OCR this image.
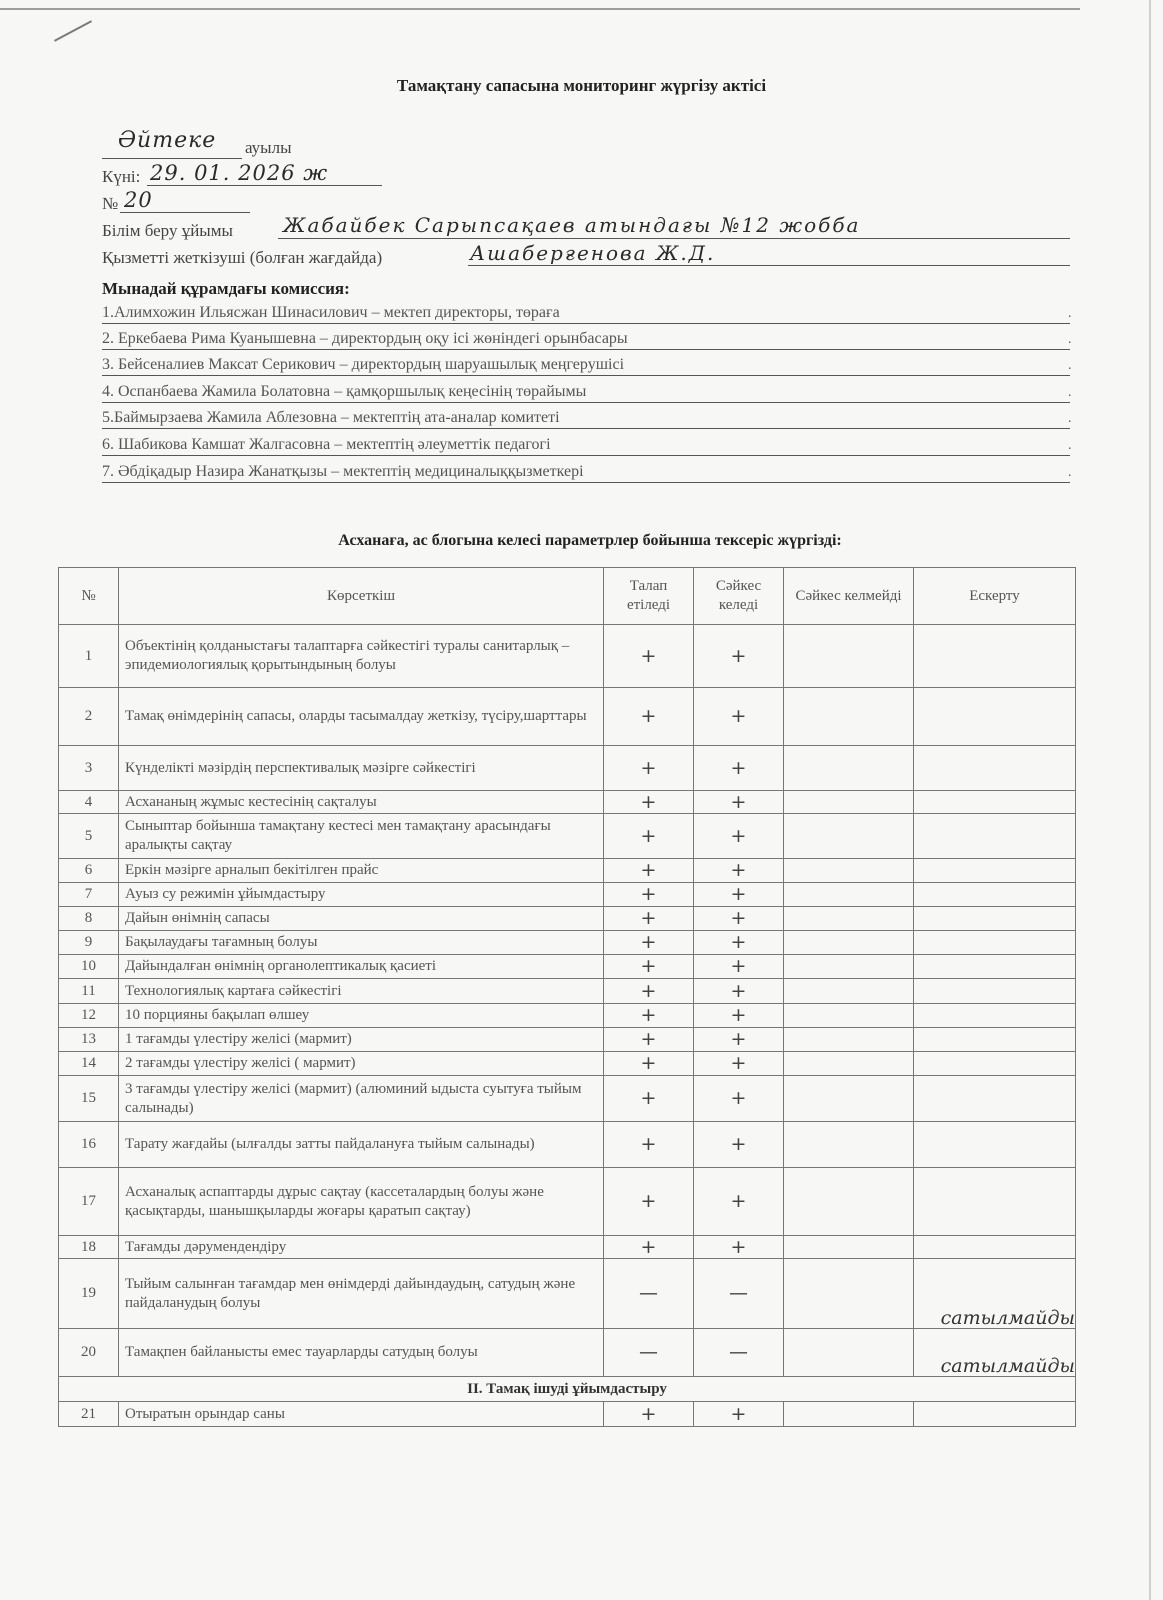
Тамақтану сапасына мониторинг жүргізу актісі
Әйтеке ауылы
Күні: 29. 01. 2026 ж
№ 20
Білім беру ұйымы	Жабайбек Сарыпсақаев атындағы №12 жобба
Қызметті жеткізуші (болған жағдайда)	Ашаберғенова Ж.Д.
Мынадай құрамдағы комиссия:
1.Алимхожин Ильясжан Шинасилович – мектеп директоры, төраға	.
2. Еркебаева Рима Куанышевна – директордың оқу ісі жөніндегі орынбасары	.
3. Бейсеналиев Максат Серикович – директордың шаруашылық меңгерушісі	.
4. Оспанбаева Жамила Болатовна – қамқоршылық кеңесінің төрайымы	.
5.Баймырзаева Жамила Аблезовна – мектептің ата-аналар комитеті	.
6. Шабикова Камшат Жалгасовна – мектептің әлеуметтік педагогі	.
7. Әбдіқадыр Назира Жанатқызы – мектептің медициналыққызметкері	.
Асханаға, ас блогына келесі параметрлер бойынша тексеріс жүргізді:
№	Көрсеткіш	Талап етіледі	Сәйкес келеді	Сәйкес келмейді	Ескерту
1	Объектінің қолданыстағы талаптарға сәйкестігі туралы санитарлық – эпидемиологиялық қорытындының болуы	+	+		
2	Тамақ өнімдерінің сапасы, оларды тасымалдау жеткізу, түсіру,шарттары	+	+		
3	Күнделікті мәзірдің перспективалық мәзірге сәйкестігі	+	+		
4	Асхананың жұмыс кестесінің сақталуы	+	+		
5	Сыныптар бойынша тамақтану кестесі мен тамақтану арасындағы аралықты сақтау	+	+		
6	Еркін мәзірге арналып бекітілген прайс	+	+		
7	Ауыз су режимін ұйымдастыру	+	+		
8	Дайын өнімнің сапасы	+	+		
9	Бақылаудағы тағамның болуы	+	+		
10	Дайындалған өнімнің органолептикалық қасиеті	+	+		
11	Технологиялық картаға сәйкестігі	+	+		
12	10 порцияны бақылап өлшеу	+	+		
13	1 тағамды үлестіру желісі (мармит)	+	+		
14	2 тағамды үлестіру желісі ( мармит)	+	+		
15	3 тағамды үлестіру желісі (мармит) (алюминий ыдыста суытуға тыйым салынады)	+	+		
16	Тарату жағдайы (ылғалды затты пайдалануға тыйым салынады)	+	+		
17	Асханалық аспаптарды дұрыс сақтау (кассеталардың болуы және қасықтарды, шанышқыларды жоғары қаратып сақтау)	+	+		
18	Тағамды дәрумендендіру	+	+		
19	Тыйым салынған тағамдар мен өнімдерді дайындаудың, сатудың және пайдаланудың болуы	—	—		сатылмайды
20	Тамақпен байланысты емес тауарларды сатудың болуы	—	—		сатылмайды
II. Тамақ ішуді ұйымдастыру					
21	Отыратын орындар саны	+	+		
